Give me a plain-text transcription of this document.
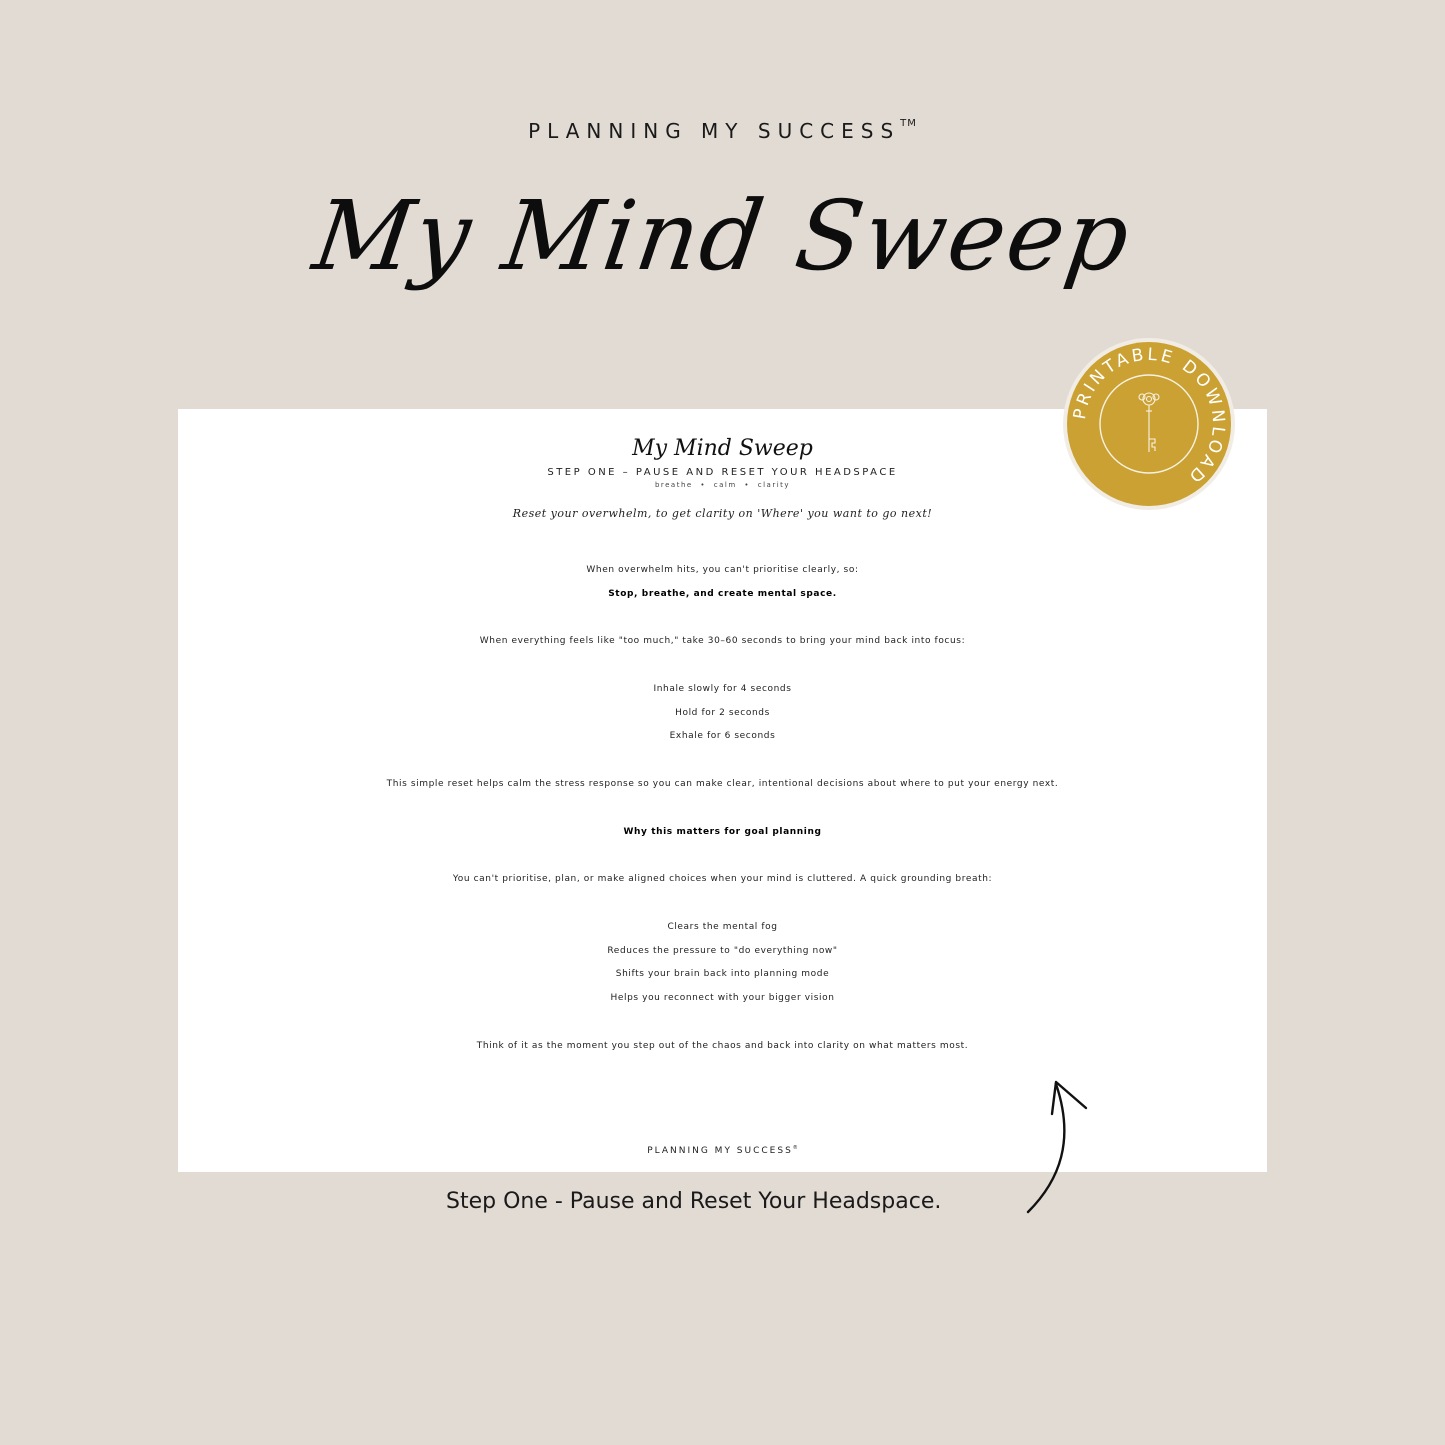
PLANNING MY SUCCESS™
My Mind Sweep
My Mind Sweep
STEP ONE – PAUSE AND RESET YOUR HEADSPACE
breathe • calm • clarity
Reset your overwhelm, to get clarity on 'Where' you want to go next!
When overwhelm hits, you can't prioritise clearly, so:
Stop, breathe, and create mental space.
When everything feels like "too much," take 30–60 seconds to bring your mind back into focus:
Inhale slowly for 4 seconds
Hold for 2 seconds
Exhale for 6 seconds
This simple reset helps calm the stress response so you can make clear, intentional decisions about where to put your energy next.
Why this matters for goal planning
You can't prioritise, plan, or make aligned choices when your mind is cluttered. A quick grounding breath:
Clears the mental fog
Reduces the pressure to "do everything now"
Shifts your brain back into planning mode
Helps you reconnect with your bigger vision
Think of it as the moment you step out of the chaos and back into clarity on what matters most.
PLANNING MY SUCCESS®
PRINTABLE DOWNLOAD
Step One - Pause and Reset Your Headspace.
